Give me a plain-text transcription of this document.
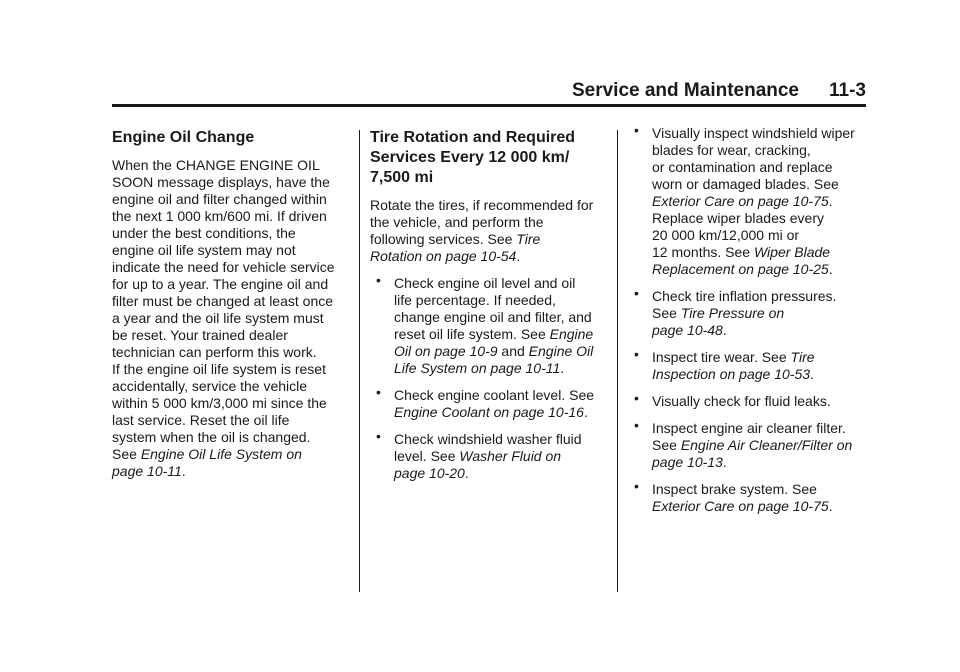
Service and Maintenance 11-3
Engine Oil Change

When the CHANGE ENGINE OIL
SOON message displays, have the
engine oil and filter changed within
the next 1 000 km/600 mi. If driven
under the best conditions, the
engine oil life system may not
indicate the need for vehicle service
for up to a year. The engine oil and
filter must be changed at least once
a year and the oil life system must
be reset. Your trained dealer
technician can perform this work.
If the engine oil life system is reset
accidentally, service the vehicle
within 5 000 km/3,000 mi since the
last service. Reset the oil life
system when the oil is changed.

See Engine Oil Life System on
page 10-11.

Tire Rotation and Required
Services Every 12 000 km/
7,500 mi

Rotate the tires, if recommended for
the vehicle, and perform the
following services. See Tire
Rotation on page 10-54.

• Check engine oil level and oil
life percentage. If needed,
change engine oil and filter, and
reset oil life system. See Engine
Oil on page 10-9 and Engine Oil
Life System on page 10-11.
• Check engine coolant level. See
Engine Coolant on page 10-16.
• Check windshield washer fluid
level. See Washer Fluid on
page 10-20.
• Visually inspect windshield wiper
blades for wear, cracking,
or contamination and replace
worn or damaged blades. See
Exterior Care on page 10-75.
Replace wiper blades every
20 000 km/12,000 mi or
12 months. See Wiper Blade
Replacement on page 10-25.
• Check tire inflation pressures.
See Tire Pressure on
page 10-48.
• Inspect tire wear. See Tire
Inspection on page 10-53.
• Visually check for fluid leaks.
• Inspect engine air cleaner filter.
See Engine Air Cleaner/Filter on
page 10-13.
• Inspect brake system. See
Exterior Care on page 10-75.
